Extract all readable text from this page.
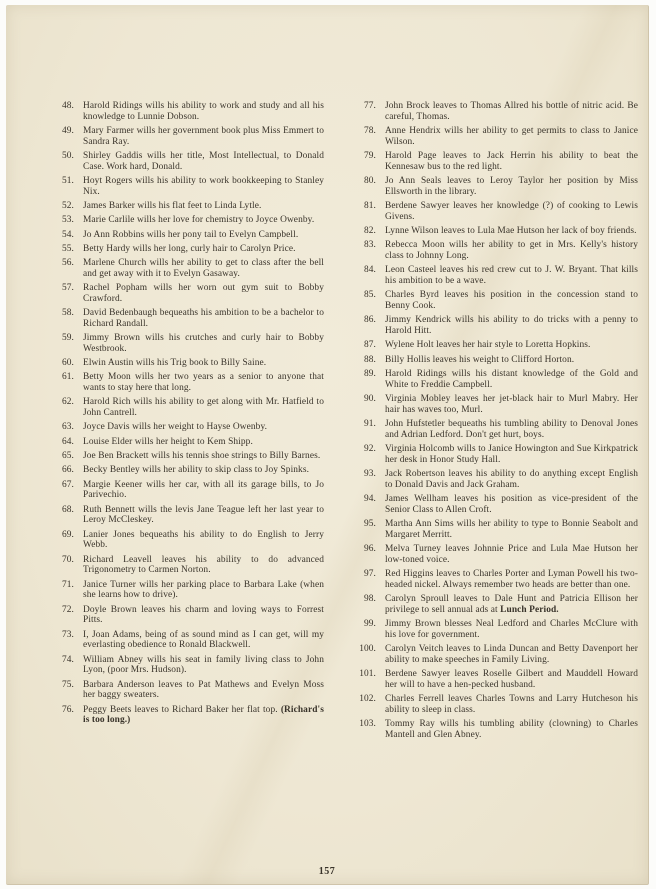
48. Harold Ridings wills his ability to work and study and all his knowledge to Lunnie Dobson.
49. Mary Farmer wills her government book plus Miss Emmert to Sandra Ray.
50. Shirley Gaddis wills her title, Most Intellectual, to Donald Case. Work hard, Donald.
51. Hoyt Rogers wills his ability to work bookkeeping to Stanley Nix.
52. James Barker wills his flat feet to Linda Lytle.
53. Marie Carlile wills her love for chemistry to Joyce Owenby.
54. Jo Ann Robbins wills her pony tail to Evelyn Campbell.
55. Betty Hardy wills her long, curly hair to Carolyn Price.
56. Marlene Church wills her ability to get to class after the bell and get away with it to Evelyn Gasaway.
57. Rachel Popham wills her worn out gym suit to Bobby Crawford.
58. David Bedenbaugh bequeaths his ambition to be a bachelor to Richard Randall.
59. Jimmy Brown wills his crutches and curly hair to Bobby Westbrook.
60. Elwin Austin wills his Trig book to Billy Saine.
61. Betty Moon wills her two years as a senior to anyone that wants to stay here that long.
62. Harold Rich wills his ability to get along with Mr. Hatfield to John Cantrell.
63. Joyce Davis wills her weight to Hayse Owenby.
64. Louise Elder wills her height to Kem Shipp.
65. Joe Ben Brackett wills his tennis shoe strings to Billy Barnes.
66. Becky Bentley wills her ability to skip class to Joy Spinks.
67. Margie Keener wills her car, with all its garage bills, to Jo Parivechio.
68. Ruth Bennett wills the levis Jane Teague left her last year to Leroy McCleskey.
69. Lanier Jones bequeaths his ability to do English to Jerry Webb.
70. Richard Leavell leaves his ability to do advanced Trigonometry to Carmen Norton.
71. Janice Turner wills her parking place to Barbara Lake (when she learns how to drive).
72. Doyle Brown leaves his charm and loving ways to Forrest Pitts.
73. I, Joan Adams, being of as sound mind as I can get, will my everlasting obedience to Ronald Blackwell.
74. William Abney wills his seat in family living class to John Lyon, (poor Mrs. Hudson).
75. Barbara Anderson leaves to Pat Mathews and Evelyn Moss her baggy sweaters.
76. Peggy Beets leaves to Richard Baker her flat top. (Richard's is too long.)
77. John Brock leaves to Thomas Allred his bottle of nitric acid. Be careful, Thomas.
78. Anne Hendrix wills her ability to get permits to class to Janice Wilson.
79. Harold Page leaves to Jack Herrin his ability to beat the Kennesaw bus to the red light.
80. Jo Ann Seals leaves to Leroy Taylor her position by Miss Ellsworth in the library.
81. Berdene Sawyer leaves her knowledge (?) of cooking to Lewis Givens.
82. Lynne Wilson leaves to Lula Mae Hutson her lack of boy friends.
83. Rebecca Moon wills her ability to get in Mrs. Kelly's history class to Johnny Long.
84. Leon Casteel leaves his red crew cut to J. W. Bryant. That kills his ambition to be a wave.
85. Charles Byrd leaves his position in the concession stand to Benny Cook.
86. Jimmy Kendrick wills his ability to do tricks with a penny to Harold Hitt.
87. Wylene Holt leaves her hair style to Loretta Hopkins.
88. Billy Hollis leaves his weight to Clifford Horton.
89. Harold Ridings wills his distant knowledge of the Gold and White to Freddie Campbell.
90. Virginia Mobley leaves her jet-black hair to Murl Mabry. Her hair has waves too, Murl.
91. John Hufstetler bequeaths his tumbling ability to Denoval Jones and Adrian Ledford. Don't get hurt, boys.
92. Virginia Holcomb wills to Janice Howington and Sue Kirkpatrick her desk in Honor Study Hall.
93. Jack Robertson leaves his ability to do anything except English to Donald Davis and Jack Graham.
94. James Wellham leaves his position as vice-president of the Senior Class to Allen Croft.
95. Martha Ann Sims wills her ability to type to Bonnie Seabolt and Margaret Merritt.
96. Melva Turney leaves Johnnie Price and Lula Mae Hutson her low-toned voice.
97. Red Higgins leaves to Charles Porter and Lyman Powell his two-headed nickel. Always remember two heads are better than one.
98. Carolyn Sproull leaves to Dale Hunt and Patricia Ellison her privilege to sell annual ads at Lunch Period.
99. Jimmy Brown blesses Neal Ledford and Charles McClure with his love for government.
100. Carolyn Veitch leaves to Linda Duncan and Betty Davenport her ability to make speeches in Family Living.
101. Berdene Sawyer leaves Roselle Gilbert and Mauddell Howard her will to have a hen-pecked husband.
102. Charles Ferrell leaves Charles Towns and Larry Hutcheson his ability to sleep in class.
103. Tommy Ray wills his tumbling ability (clowning) to Charles Mantell and Glen Abney.
157
